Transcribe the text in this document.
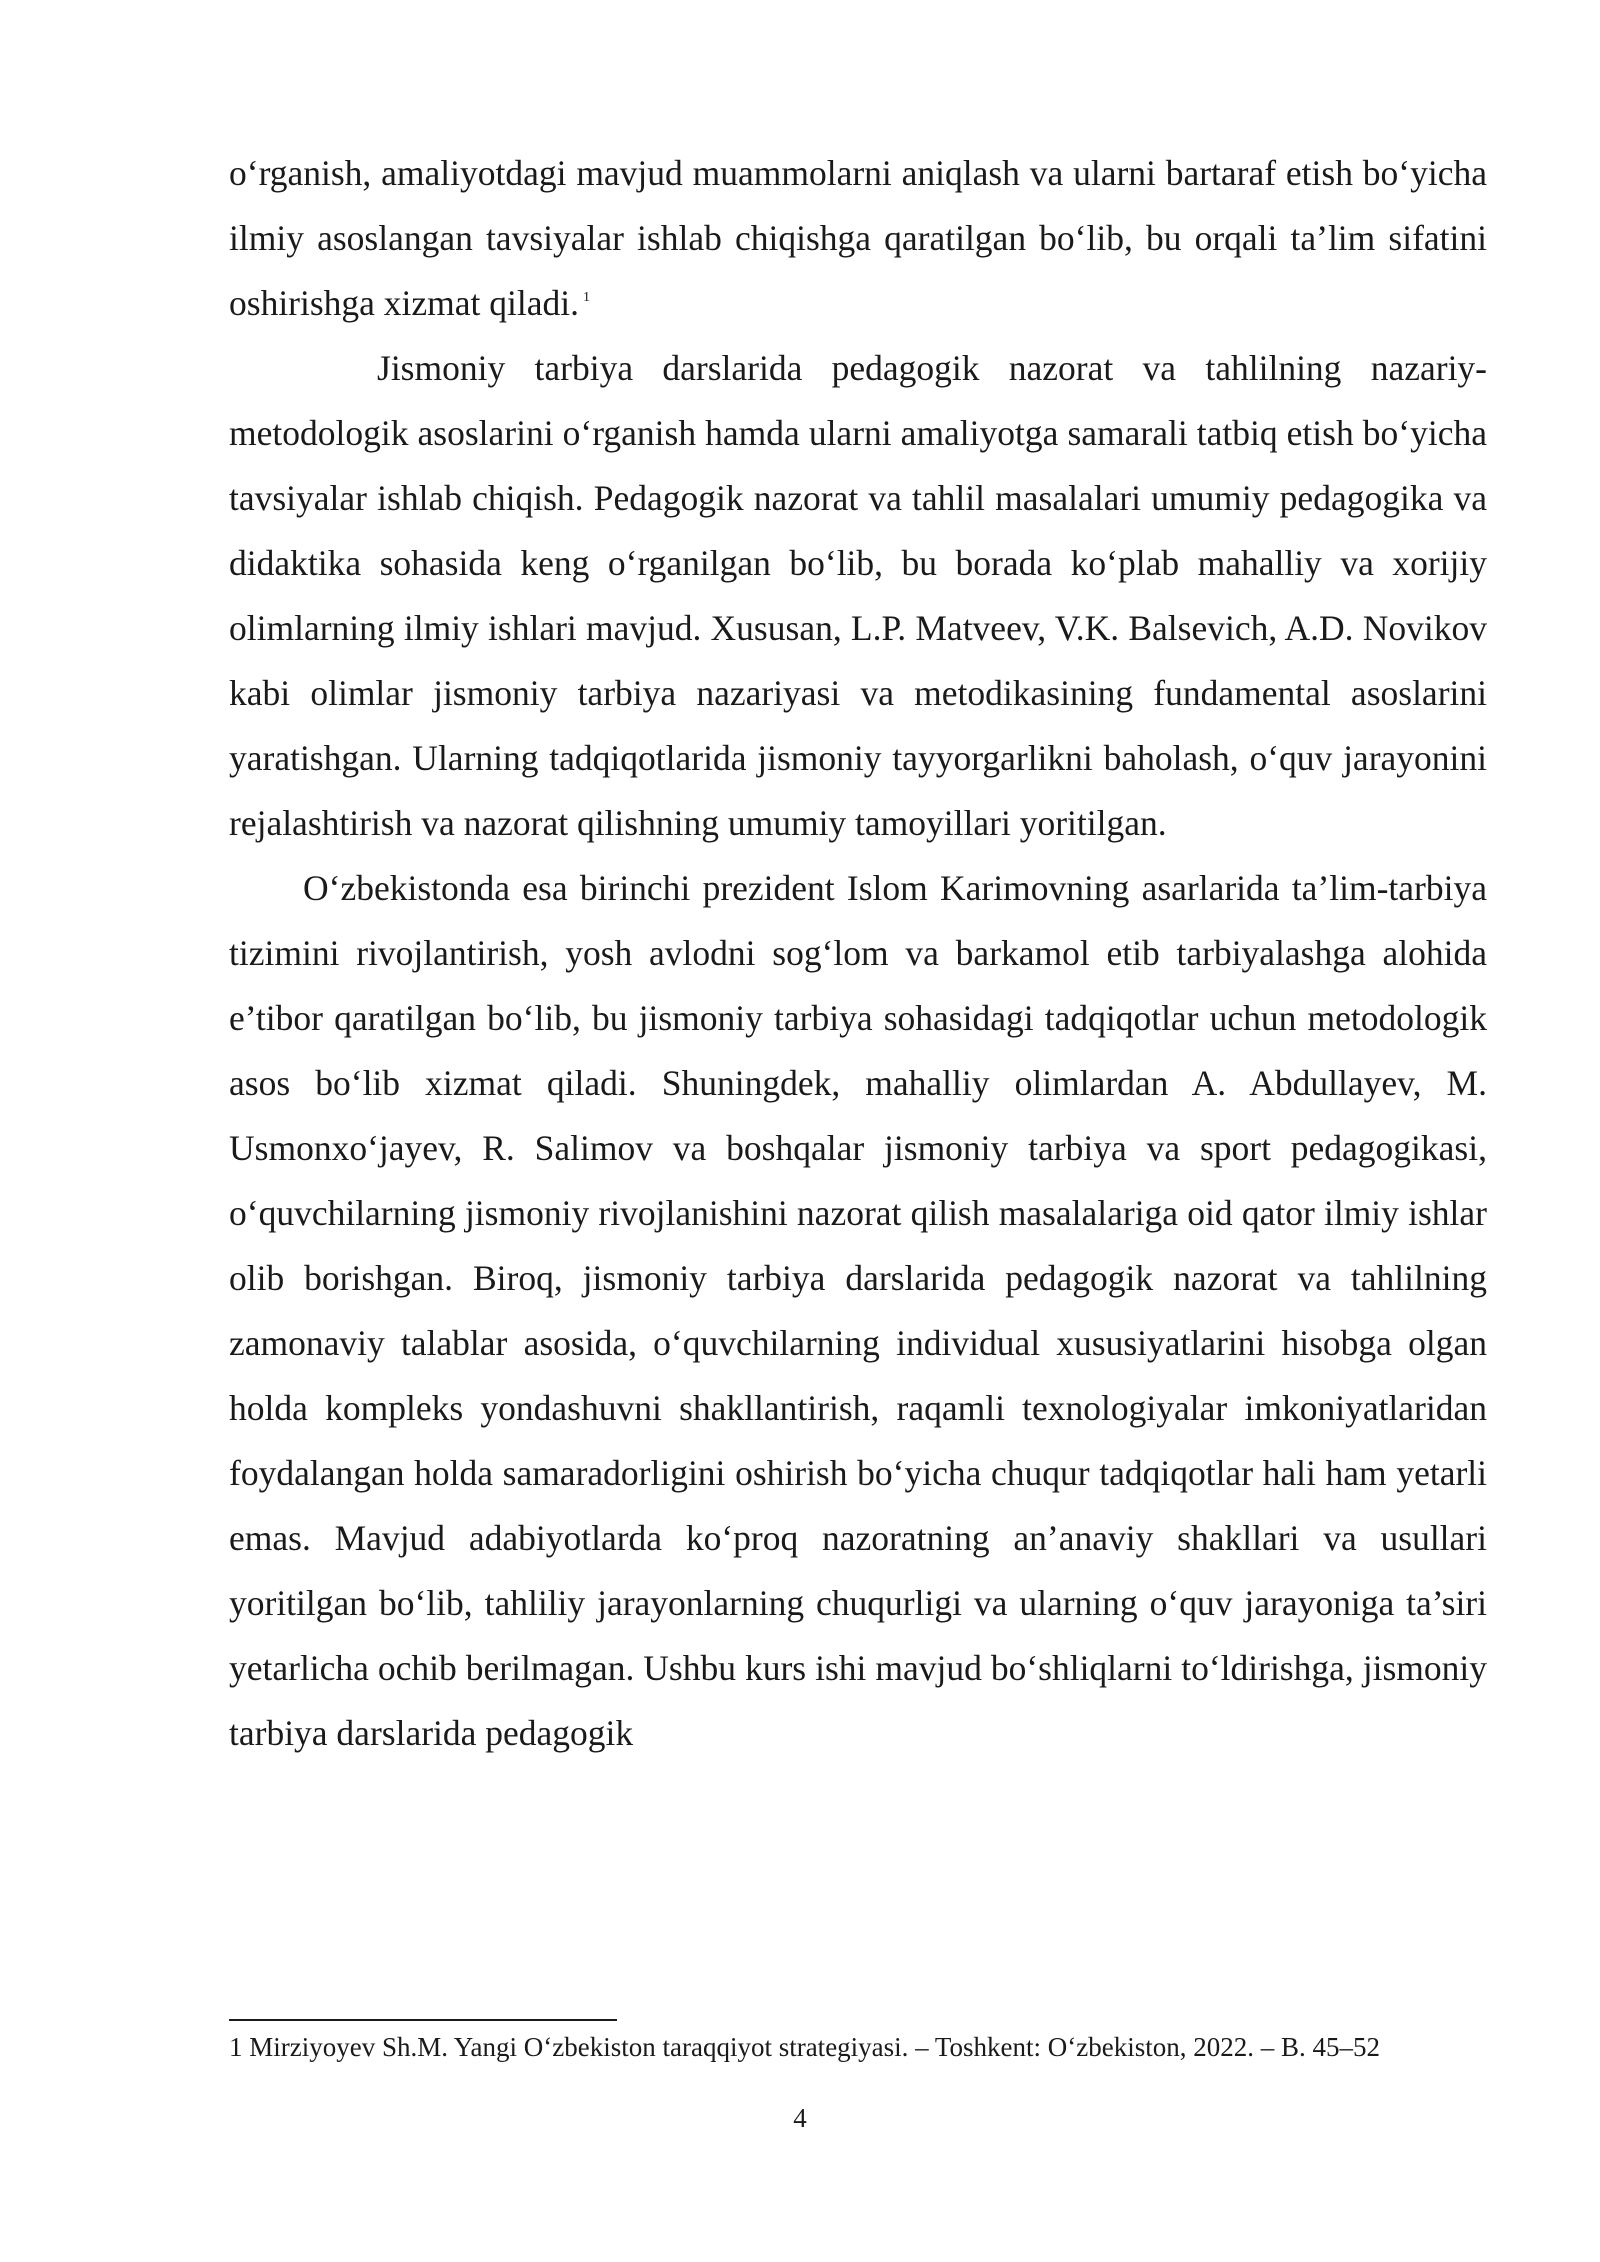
o‘rganish, amaliyotdagi mavjud muammolarni aniqlash va ularni bartaraf etish bo‘yicha ilmiy asoslangan tavsiyalar ishlab chiqishga qaratilgan bo‘lib, bu orqali ta’lim sifatini oshirishga xizmat qiladi. $^1$

Jismoniy tarbiya darslarida pedagogik nazorat va tahlilning nazariy-metodologik asoslarini o‘rganish hamda ularni amaliyotga samarali tatbiq etish bo‘yicha tavsiyalar ishlab chiqish. Pedagogik nazorat va tahlil masalalari umumiy pedagogika va didaktika sohasida keng o‘rganilgan bo‘lib, bu borada ko‘plab mahalliy va xorijiy olimlarning ilmiy ishlari mavjud. Xususan, L.P. Matveev, V.K. Balsevich, A.D. Novikov kabi olimlar jismoniy tarbiya nazariyasi va metodikasining fundamental asoslarini yaratishgan. Ularning tadqiqotlarida jismoniy tayyorgarlikni baholash, o‘quv jarayonini rejalashtirish va nazorat qilishning umumiy tamoyillari yoritilgan.

O‘zbekistonda esa birinchi prezident Islom Karimovning asarlarida ta’lim-tarbiya tizimini rivojlantirish, yosh avlodni sog‘lom va barkamol etib tarbiyalashga alohida e’tibor qaratilgan bo‘lib, bu jismoniy tarbiya sohasidagi tadqiqotlar uchun metodologik asos bo‘lib xizmat qiladi. Shuningdek, mahalliy olimlardan A. Abdullayev, M. Usmonxo‘jayev, R. Salimov va boshqalar jismoniy tarbiya va sport pedagogikasi, o‘quvchilarning jismoniy rivojlanishini nazorat qilish masalalariga oid qator ilmiy ishlar olib borishgan. Biroq, jismoniy tarbiya darslarida pedagogik nazorat va tahlilning zamonaviy talablar asosida, o‘quvchilarning individual xususiyatlarini hisobga olgan holda kompleks yondashuvni shakllantirish, raqamli texnologiyalar imkoniyatlaridan foydalangan holda samaradorligini oshirish bo‘yicha chuqur tadqiqotlar hali ham yetarli emas. Mavjud adabiyotlarda ko‘proq nazoratning an’anaviy shakllari va usullari yoritilgan bo‘lib, tahliliy jarayonlarning chuqurligi va ularning o‘quv jarayoniga ta’siri yetarlicha ochib berilmagan. Ushbu kurs ishi mavjud bo‘shliqlarni to‘ldirishga, jismoniy tarbiya darslarida pedagogik

1 Mirziyoyev Sh.M. Yangi O‘zbekiston taraqqiyot strategiyasi. – Toshkent: O‘zbekiston, 2022. – B. 45–52
4
